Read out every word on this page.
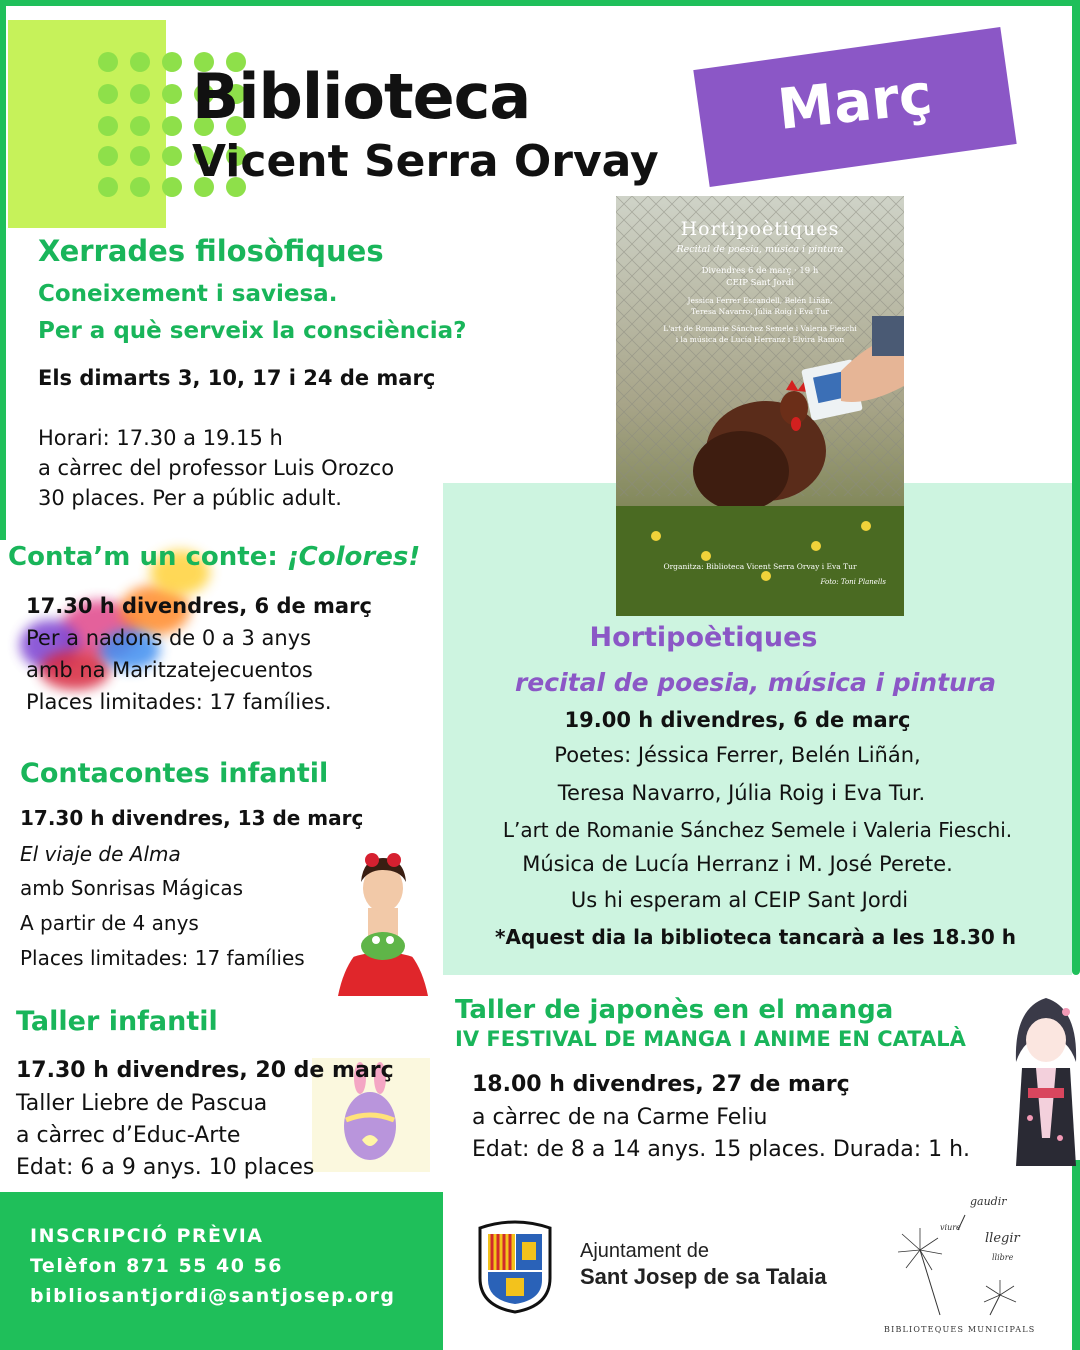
Biblioteca
Vicent Serra Orvay
Març
Xerrades filosòfiques
Coneixement i saviesa.
Per a què serveix la consciència?
Els dimarts 3, 10, 17 i 24 de març
Horari: 17.30 a 19.15 h
a càrrec del professor Luis Orozco
30 places. Per a públic adult.
Conta’m un conte: ¡Colores!
17.30 h divendres, 6 de març
Per a nadons de 0 a 3 anys
amb na Maritzatejecuentos
Places limitades: 17 famílies.
Contacontes infantil
17.30 h divendres, 13 de març
El viaje de Alma
amb Sonrisas Mágicas
A partir de 4 anys
Places limitades: 17 famílies
Taller infantil
17.30 h divendres, 20 de març
Taller Liebre de Pascua
a càrrec d’Educ-Arte
Edat: 6 a 9 anys. 10 places
Hortipoètiques
Recital de poesia, música i pintura
Divendres 6 de març · 19 h
CEIP Sant Jordi
Jessica Ferrer Escandell, Belén Liñán,
Teresa Navarro, Júlia Roig i Eva Tur
L'art de Romanie Sánchez Semele i Valeria Fieschi
i la música de Lucía Herranz i Elvira Ramon
Organitza: Biblioteca Vicent Serra Orvay i Eva Tur
Foto: Toni Planells
Hortipoètiques
recital de poesia, música i pintura
19.00 h divendres, 6 de març
Poetes: Jéssica Ferrer, Belén Liñán,
Teresa Navarro, Júlia Roig i Eva Tur.
L’art de Romanie Sánchez Semele i Valeria Fieschi.
Música de Lucía Herranz i M. José Perete.
Us hi esperam al CEIP Sant Jordi
*Aquest dia la biblioteca tancarà a les 18.30 h
Taller de japonès en el manga
IV FESTIVAL DE MANGA I ANIME EN CATALÀ
18.00 h divendres, 27 de març
a càrrec de na Carme Feliu
Edat: de 8 a 14 anys. 15 places. Durada: 1 h.
INSCRIPCIÓ PRÈVIA
Telèfon 871 55 40 56
bibliosantjordi@santjosep.org
Ajuntament de
Sant Josep de sa Talaia
gaudir
llegir
viure
llibre
BIBLIOTEQUES MUNICIPALS
